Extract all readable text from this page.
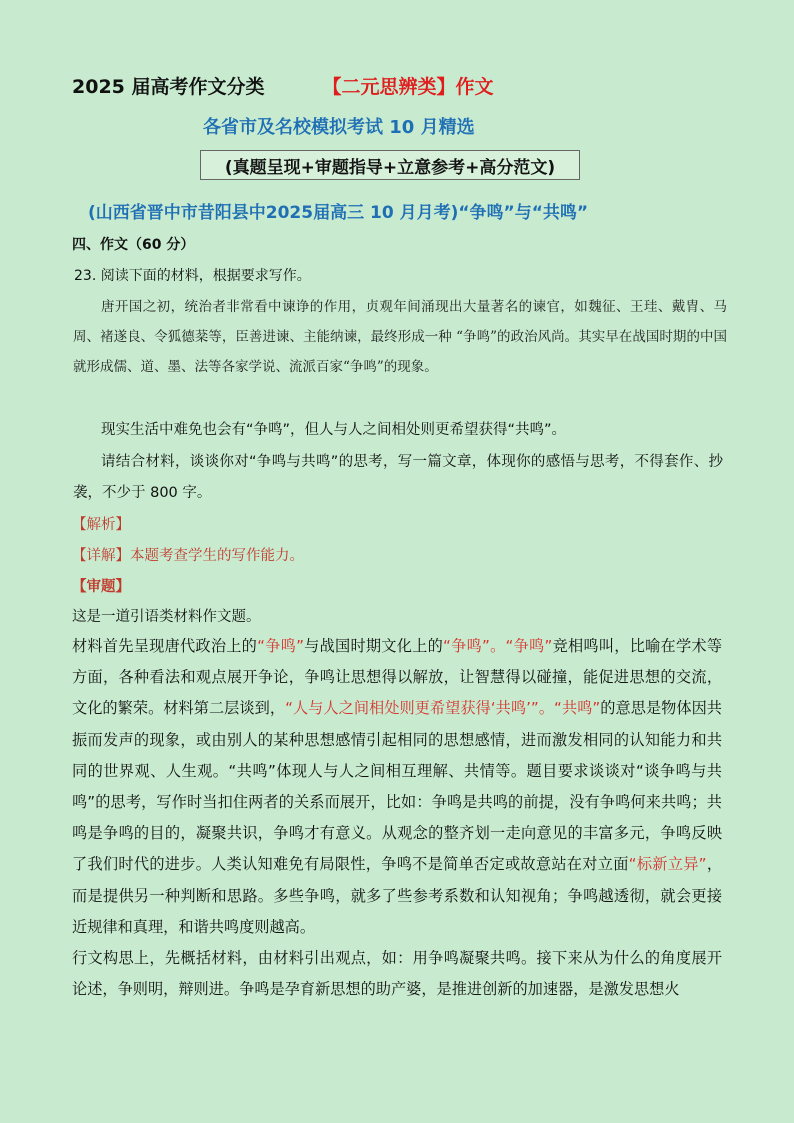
2025 届高考作文分类	【二元思辨类】作文
各省市及名校模拟考试 10 月精选
(真题呈现+审题指导+立意参考+高分范文)
(山西省晋中市昔阳县中2025届高三 10 月月考)“争鸣”与“共鸣”
四、作文（60 分）
23. 阅读下面的材料，根据要求写作。

唐开国之初，统治者非常看中谏诤的作用，贞观年间涌现出大量著名的谏官，如魏征、王珪、戴胄、马周、褚遂良、令狐德棻等，臣善进谏、主能纳谏，最终形成一种 “争鸣”的政治风尚。其实早在战国时期的中国就形成儒、道、墨、法等各家学说、流派百家“争鸣”的现象。

现实生活中难免也会有“争鸣”，但人与人之间相处则更希望获得“共鸣”。

请结合材料，谈谈你对“争鸣与共鸣”的思考，写一篇文章，体现你的感悟与思考，不得套作、抄袭，不少于 800 字。

【解析】
【详解】本题考查学生的写作能力。
【审题】
这是一道引语类材料作文题。

材料首先呈现唐代政治上的“争鸣”与战国时期文化上的“争鸣”。“争鸣”竞相鸣叫，比喻在学术等方面，各种看法和观点展开争论，争鸣让思想得以解放，让智慧得以碰撞，能促进思想的交流，文化的繁荣。材料第二层谈到，“人与人之间相处则更希望获得‘共鸣’”。“共鸣”的意思是物体因共振而发声的现象，或由别人的某种思想感情引起相同的思想感情，进而激发相同的认知能力和共同的世界观、人生观。“共鸣”体现人与人之间相互理解、共情等。题目要求谈谈对“谈争鸣与共鸣”的思考，写作时当扣住两者的关系而展开，比如：争鸣是共鸣的前提，没有争鸣何来共鸣；共鸣是争鸣的目的，凝聚共识，争鸣才有意义。从观念的整齐划一走向意见的丰富多元，争鸣反映了我们时代的进步。人类认知难免有局限性，争鸣不是简单否定或故意站在对立面“标新立异”，而是提供另一种判断和思路。多些争鸣，就多了些参考系数和认知视角；争鸣越透彻，就会更接近规律和真理，和谐共鸣度则越高。

行文构思上，先概括材料，由材料引出观点，如：用争鸣凝聚共鸣。接下来从为什么的角度展开论述，争则明，辩则进。争鸣是孕育新思想的助产婆，是推进创新的加速器，是激发思想火
